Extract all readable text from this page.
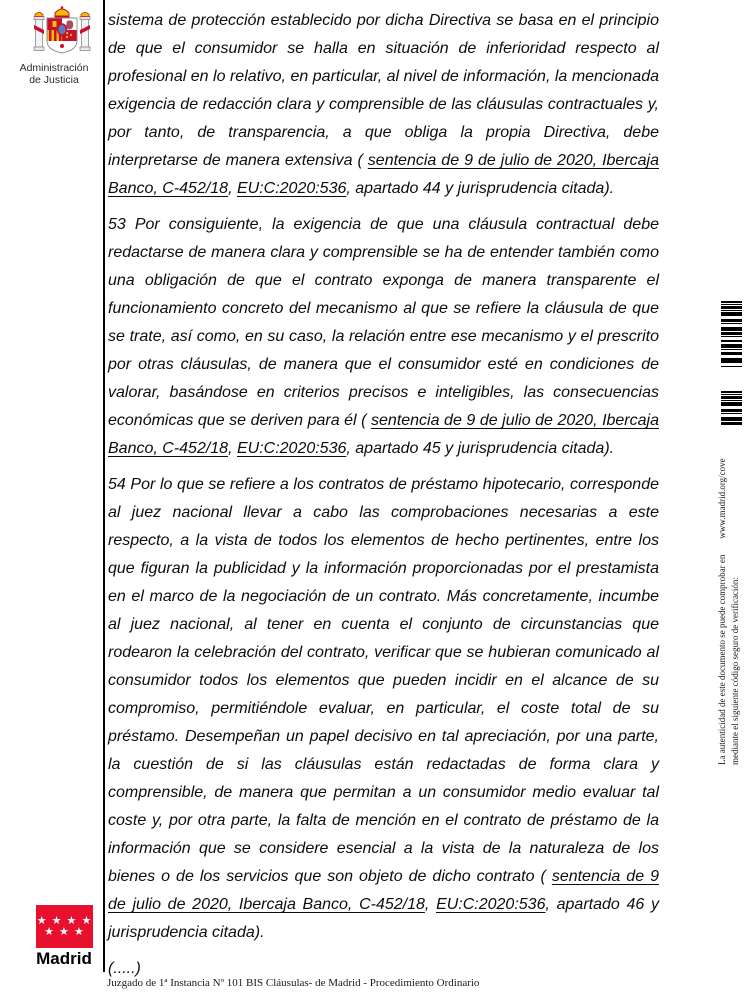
Administración
de Justicia
★ ★ ★ ★
★ ★ ★
Madrid

sistema de protección establecido por dicha Directiva se basa en el principio de que el consumidor se halla en situación de inferioridad respecto al profesional en lo relativo, en particular, al nivel de información, la mencionada exigencia de redacción clara y comprensible de las cláusulas contractuales y, por tanto, de transparencia, a que obliga la propia Directiva, debe interpretarse de manera extensiva ( sentencia de 9 de julio de 2020, Ibercaja Banco, C-452/18, EU:C:2020:536, apartado 44 y jurisprudencia citada).

53 Por consiguiente, la exigencia de que una cláusula contractual debe redactarse de manera clara y comprensible se ha de entender también como una obligación de que el contrato exponga de manera transparente el funcionamiento concreto del mecanismo al que se refiere la cláusula de que se trate, así como, en su caso, la relación entre ese mecanismo y el prescrito por otras cláusulas, de manera que el consumidor esté en condiciones de valorar, basándose en criterios precisos e inteligibles, las consecuencias económicas que se deriven para él ( sentencia de 9 de julio de 2020, Ibercaja Banco, C-452/18, EU:C:2020:536, apartado 45 y jurisprudencia citada).

54 Por lo que se refiere a los contratos de préstamo hipotecario, corresponde al juez nacional llevar a cabo las comprobaciones necesarias a este respecto, a la vista de todos los elementos de hecho pertinentes, entre los que figuran la publicidad y la información proporcionadas por el prestamista en el marco de la negociación de un contrato. Más concretamente, incumbe al juez nacional, al tener en cuenta el conjunto de circunstancias que rodearon la celebración del contrato, verificar que se hubieran comunicado al consumidor todos los elementos que pueden incidir en el alcance de su compromiso, permitiéndole evaluar, en particular, el coste total de su préstamo. Desempeñan un papel decisivo en tal apreciación, por una parte, la cuestión de si las cláusulas están redactadas de forma clara y comprensible, de manera que permitan a un consumidor medio evaluar tal coste y, por otra parte, la falta de mención en el contrato de préstamo de la información que se considere esencial a la vista de la naturaleza de los bienes o de los servicios que son objeto de dicho contrato ( sentencia de 9 de julio de 2020, Ibercaja Banco, C-452/18, EU:C:2020:536, apartado 46 y jurisprudencia citada).

(.....)

La autenticidad de este documento se puede comprobar enwww.madrid.org/cove
mediante el siguiente código seguro de verificación:
Juzgado de 1ª Instancia Nº 101 BIS Cláusulas- de Madrid - Procedimiento Ordinario
